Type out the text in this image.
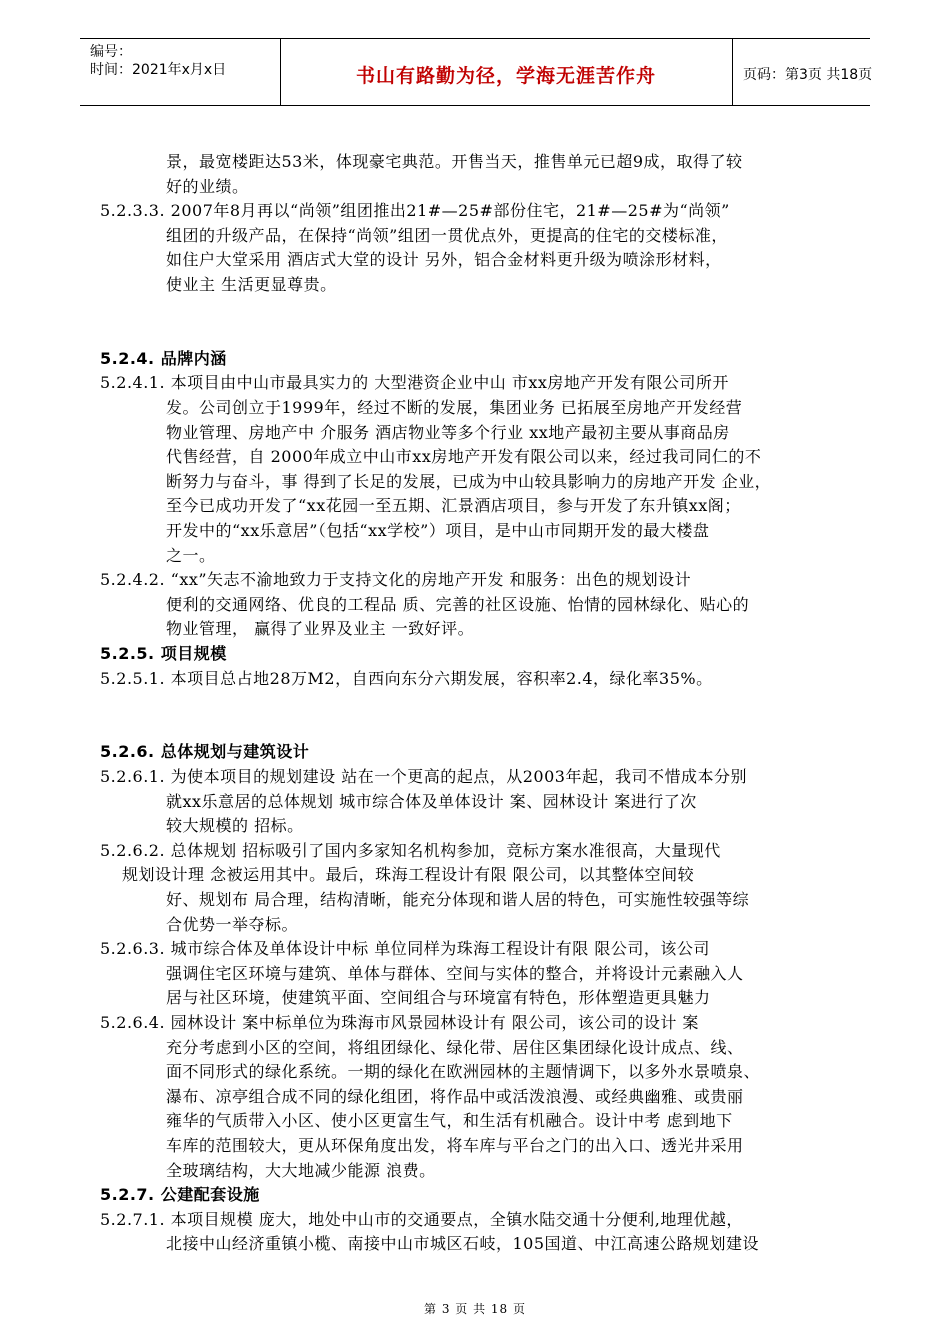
编号：
时间：2021年x月x日	书山有路勤为径，学海无涯苦作舟	页码：第3页 共18页
景，最宽楼距达53米，体现豪宅典范。开售当天，推售单元已超9成，取得了较
好的业绩。
5.2.3.3. 2007年8月再以“尚领”组团推出21#—25#部份住宅，21#—25#为“尚领”
组团的升级产品，在保持“尚领”组团一贯优点外，更提高的住宅的交楼标准，
如住户大堂采用 酒店式大堂的设计 另外，铝合金材料更升级为喷涂形材料，
使业主 生活更显尊贵。
5.2.4. 品牌内涵
5.2.4.1. 本项目由中山市最具实力的 大型港资企业中山 市xx房地产开发有限公司所开
发。公司创立于1999年，经过不断的发展，集团业务 已拓展至房地产开发经营
物业管理、房地产中 介服务 酒店物业等多个行业 xx地产最初主要从事商品房
代售经营，自 2000年成立中山市xx房地产开发有限公司以来，经过我司同仁的不
断努力与奋斗，事 得到了长足的发展，已成为中山较具影响力的房地产开发 企业，
至今已成功开发了“xx花园一至五期、汇景酒店项目，参与开发了东升镇xx阁；
开发中的“xx乐意居”（包括“xx学校”）项目，是中山市同期开发的最大楼盘
之一。
5.2.4.2. “xx”矢志不渝地致力于支持文化的房地产开发 和服务：出色的规划设计
便利的交通网络、优良的工程品 质、完善的社区设施、怡情的园林绿化、贴心的
物业管理， 赢得了业界及业主 一致好评。
5.2.5. 项目规模
5.2.5.1. 本项目总占地28万M2，自西向东分六期发展，容积率2.4，绿化率35%。
5.2.6. 总体规划与建筑设计
5.2.6.1. 为使本项目的规划建设 站在一个更高的起点，从2003年起，我司不惜成本分别
就xx乐意居的总体规划 城市综合体及单体设计 案、园林设计 案进行了次
较大规模的 招标。
5.2.6.2. 总体规划 招标吸引了国内多家知名机构参加，竞标方案水准很高，大量现代
规划设计理 念被运用其中。最后，珠海工程设计有限 限公司，以其整体空间较
好、规划布 局合理，结构清晰，能充分体现和谐人居的特色，可实施性较强等综
合优势一举夺标。
5.2.6.3. 城市综合体及单体设计中标 单位同样为珠海工程设计有限 限公司，该公司
强调住宅区环境与建筑、单体与群体、空间与实体的整合，并将设计元素融入人
居与社区环境，使建筑平面、空间组合与环境富有特色，形体塑造更具魅力
5.2.6.4. 园林设计 案中标单位为珠海市风景园林设计有 限公司，该公司的设计 案
充分考虑到小区的空间，将组团绿化、绿化带、居住区集团绿化设计成点、线、
面不同形式的绿化系统。一期的绿化在欧洲园林的主题情调下，以多外水景喷泉、
瀑布、凉亭组合成不同的绿化组团，将作品中或活泼浪漫、或经典幽雅、或贵丽
雍华的气质带入小区、使小区更富生气，和生活有机融合。设计中考 虑到地下
车库的范围较大，更从环保角度出发，将车库与平台之门的出入口、透光井采用
全玻璃结构，大大地减少能源 浪费。
5.2.7. 公建配套设施
5.2.7.1. 本项目规模 庞大，地处中山市的交通要点，全镇水陆交通十分便利,地理优越，
北接中山经济重镇小榄、南接中山市城区石岐，105国道、中江高速公路规划建设
第 3 页 共 18 页
